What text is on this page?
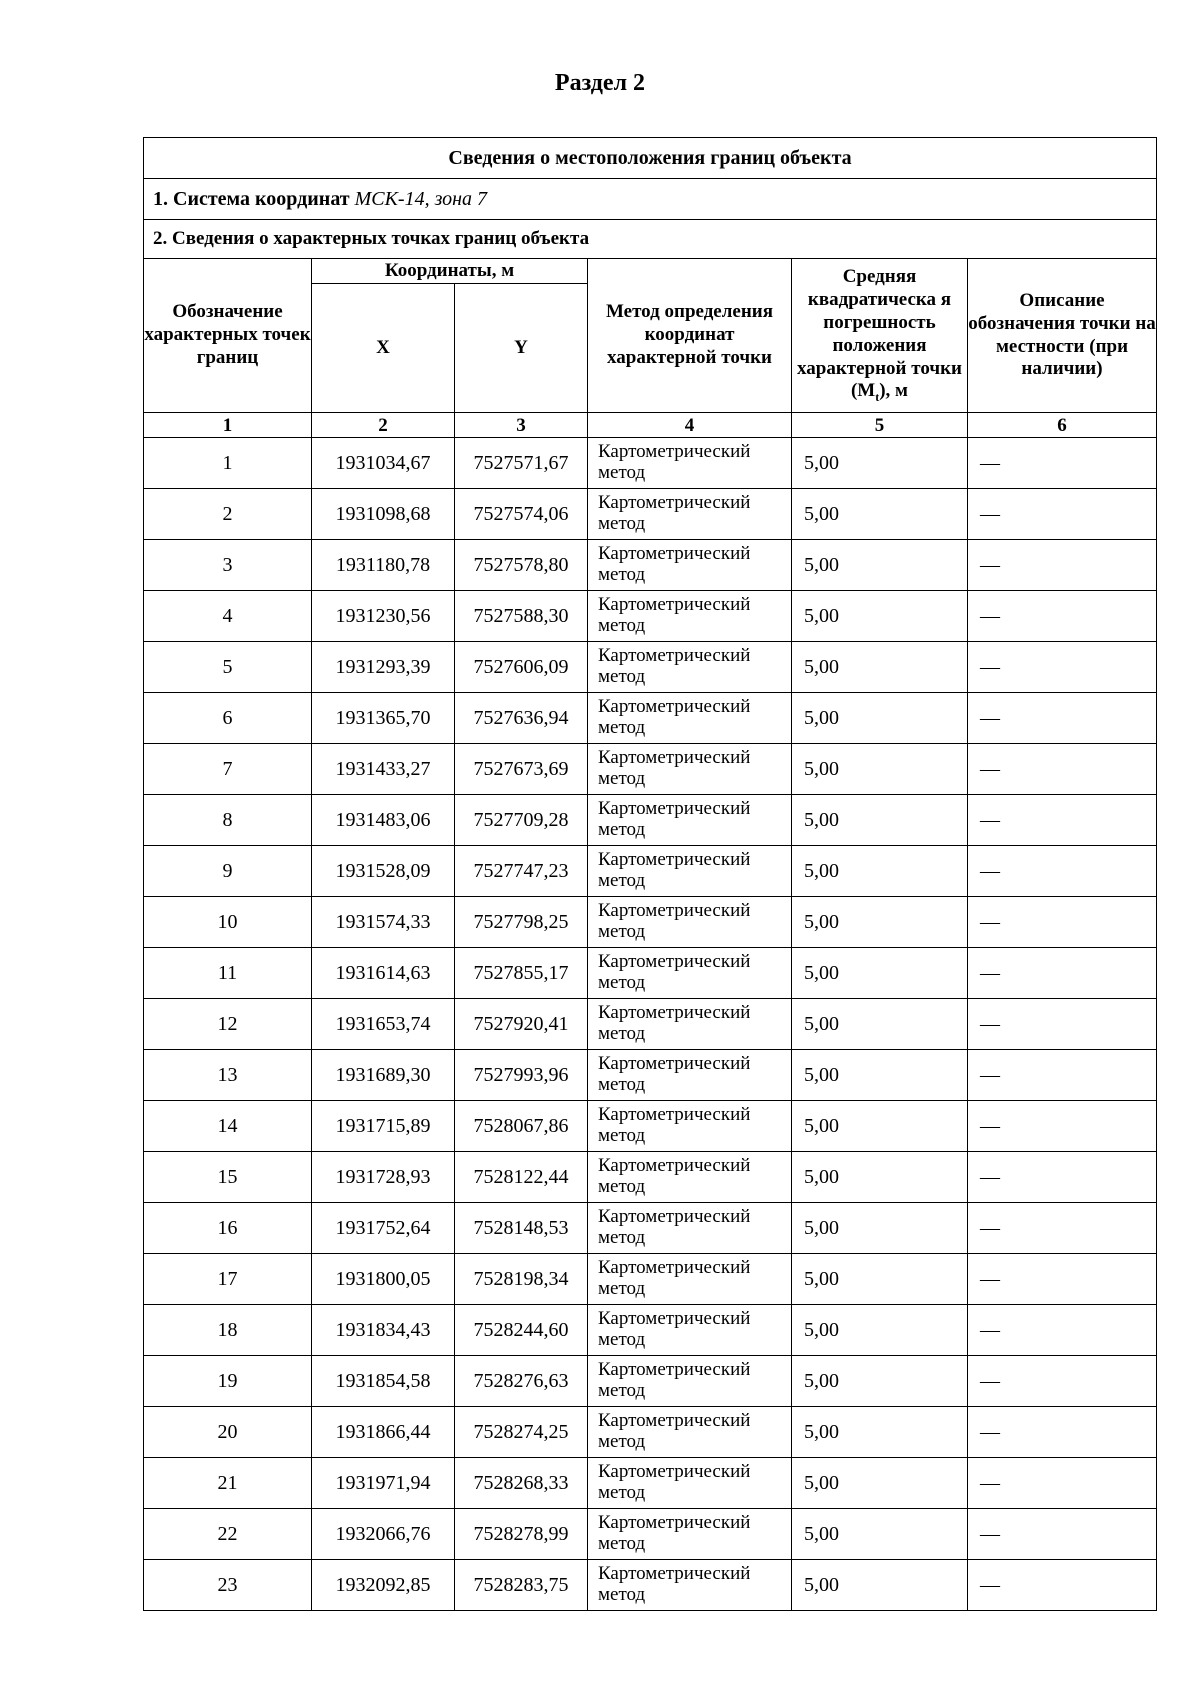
Раздел 2
Сведения о местоположения границ объекта					
1. Система координат МСК-14, зона 7					
2. Сведения о характерных точках границ объекта					
Обозначение характерных точек границ	Координаты, м		Метод определения координат характерной точки	Средняя квадратическа я погрешность положения характерной точки $(M_t)$, м	Описание обозначения точки на местности (при наличии)
	X	Y			
1	2	3	4	5	6
1	1931034,67	7527571,67	Картометрический метод	5,00	—
2	1931098,68	7527574,06	Картометрический метод	5,00	—
3	1931180,78	7527578,80	Картометрический метод	5,00	—
4	1931230,56	7527588,30	Картометрический метод	5,00	—
5	1931293,39	7527606,09	Картометрический метод	5,00	—
6	1931365,70	7527636,94	Картометрический метод	5,00	—
7	1931433,27	7527673,69	Картометрический метод	5,00	—
8	1931483,06	7527709,28	Картометрический метод	5,00	—
9	1931528,09	7527747,23	Картометрический метод	5,00	—
10	1931574,33	7527798,25	Картометрический метод	5,00	—
11	1931614,63	7527855,17	Картометрический метод	5,00	—
12	1931653,74	7527920,41	Картометрический метод	5,00	—
13	1931689,30	7527993,96	Картометрический метод	5,00	—
14	1931715,89	7528067,86	Картометрический метод	5,00	—
15	1931728,93	7528122,44	Картометрический метод	5,00	—
16	1931752,64	7528148,53	Картометрический метод	5,00	—
17	1931800,05	7528198,34	Картометрический метод	5,00	—
18	1931834,43	7528244,60	Картометрический метод	5,00	—
19	1931854,58	7528276,63	Картометрический метод	5,00	—
20	1931866,44	7528274,25	Картометрический метод	5,00	—
21	1931971,94	7528268,33	Картометрический метод	5,00	—
22	1932066,76	7528278,99	Картометрический метод	5,00	—
23	1932092,85	7528283,75	Картометрический метод	5,00	—
